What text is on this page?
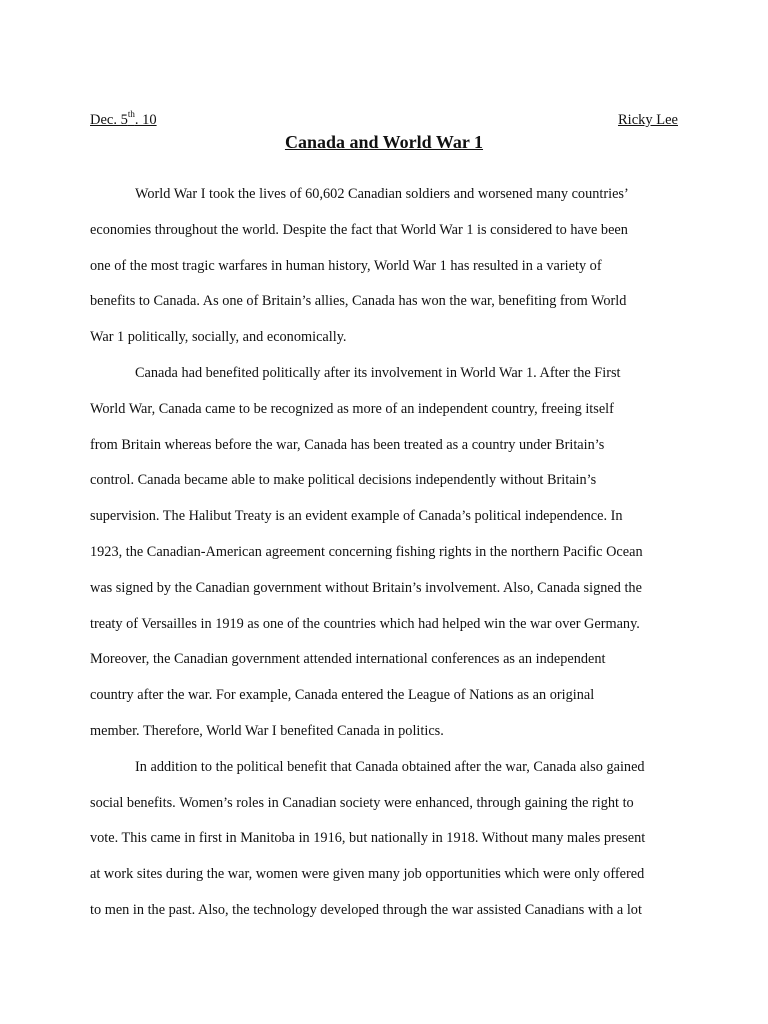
Dec. 5th. 10	Ricky Lee
Canada and World War 1
World War I took the lives of 60,602 Canadian soldiers and worsened many countries’
economies throughout the world. Despite the fact that World War 1 is considered to have been
one of the most tragic warfares in human history, World War 1 has resulted in a variety of
benefits to Canada. As one of Britain’s allies, Canada has won the war, benefiting from World
War 1 politically, socially, and economically.
Canada had benefited politically after its involvement in World War 1. After the First
World War, Canada came to be recognized as more of an independent country, freeing itself
from Britain whereas before the war, Canada has been treated as a country under Britain’s
control. Canada became able to make political decisions independently without Britain’s
supervision. The Halibut Treaty is an evident example of Canada’s political independence. In
1923, the Canadian-American agreement concerning fishing rights in the northern Pacific Ocean
was signed by the Canadian government without Britain’s involvement. Also, Canada signed the
treaty of Versailles in 1919 as one of the countries which had helped win the war over Germany.
Moreover, the Canadian government attended international conferences as an independent
country after the war. For example, Canada entered the League of Nations as an original
member. Therefore, World War I benefited Canada in politics.
In addition to the political benefit that Canada obtained after the war, Canada also gained
social benefits. Women’s roles in Canadian society were enhanced, through gaining the right to
vote. This came in first in Manitoba in 1916, but nationally in 1918. Without many males present
at work sites during the war, women were given many job opportunities which were only offered
to men in the past. Also, the technology developed through the war assisted Canadians with a lot
